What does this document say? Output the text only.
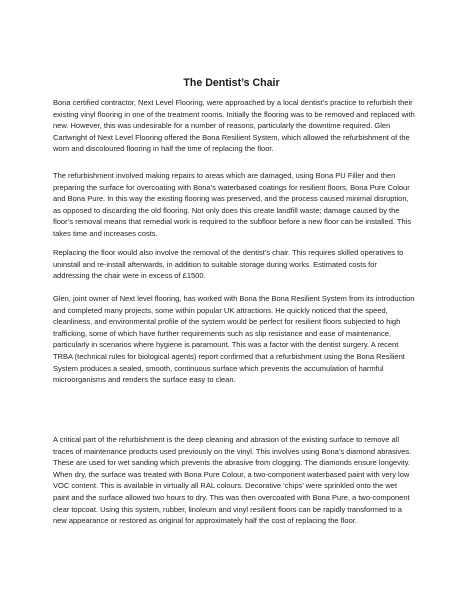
The Dentist’s Chair

Bona certified contractor, Next Level Flooring, were approached by a local dentist’s practice to refurbish their existing vinyl flooring in one of the treatment rooms. Initially the flooring was to be removed and replaced with new. However, this was undesirable for a number of reasons, particularly the downtime required. Glen Cartwright of Next Level Flooring offered the Bona Resilient System, which allowed the refurbishment of the worn and discoloured flooring in half the time of replacing the floor.

The refurbishment involved making repairs to areas which are damaged, using Bona PU Filler and then preparing the surface for overcoating with Bona’s waterbased coatings for resilient floors, Bona Pure Colour and Bona Pure. In this way the existing flooring was preserved, and the process caused minimal disruption, as opposed to discarding the old flooring. Not only does this create landfill waste; damage caused by the floor’s removal means that remedial work is required to the subfloor before a new floor can be installed. This takes time and increases costs.

Replacing the floor would also involve the removal of the dentist’s chair. This requires skilled operatives to uninstall and re-install afterwards, in addition to suitable storage during works. Estimated costs for addressing the chair were in excess of £1500.

Glen, joint owner of Next level flooring, has worked with Bona the Bona Resilient System from its introduction and completed many projects, some within popular UK attractions. He quickly noticed that the speed, cleanliness, and environmental profile of the system would be perfect for resilient floors subjected to high trafficking, some of which have further requirements such as slip resistance and ease of maintenance, particularly in scenarios where hygiene is paramount. This was a factor with the dentist surgery. A recent TRBA (technical rules for biological agents) report confirmed that a refurbishment using the Bona Resilient System produces a sealed, smooth, continuous surface which prevents the accumulation of harmful microorganisms and renders the surface easy to clean.

A critical part of the refurbishment is the deep cleaning and abrasion of the existing surface to remove all traces of maintenance products used previously on the vinyl. This involves using Bona’s diamond abrasives. These are used for wet sanding which prevents the abrasive from clogging. The diamonds ensure longevity. When dry, the surface was treated with Bona Pure Colour, a two-component waterbased paint with very low VOC content. This is available in virtually all RAL colours. Decorative ‘chips’ were sprinkled onto the wet paint and the surface allowed two hours to dry. This was then overcoated with Bona Pure, a two-component clear topcoat. Using this system, rubber, linoleum and vinyl resilient floors can be rapidly transformed to a new appearance or restored as original for approximately half the cost of replacing the floor.
